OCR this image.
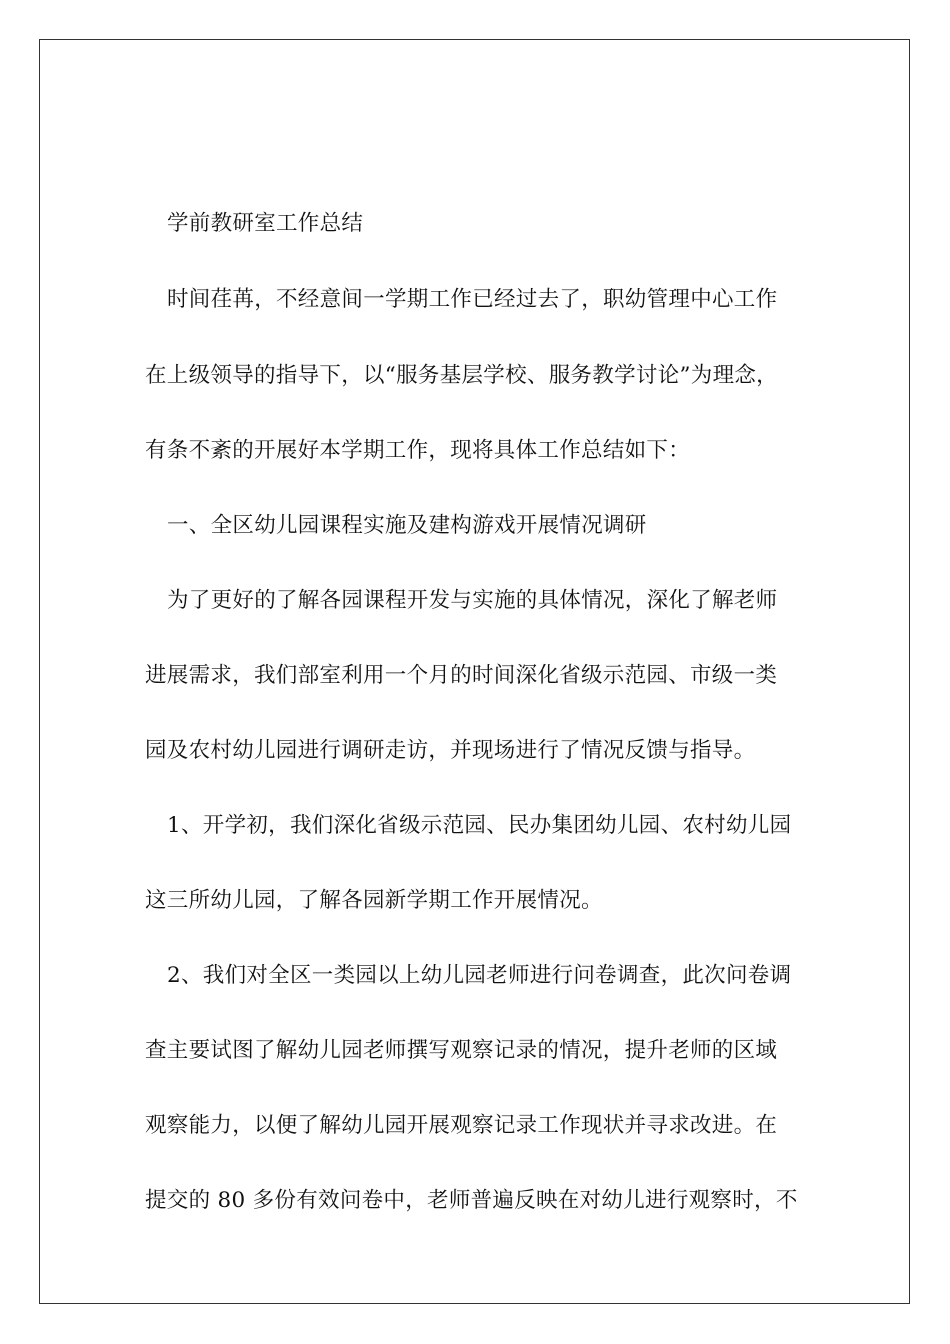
学前教研室工作总结
时间荏苒，不经意间一学期工作已经过去了，职幼管理中心工作
在上级领导的指导下，以“服务基层学校、服务教学讨论”为理念，
有条不紊的开展好本学期工作，现将具体工作总结如下：
一、全区幼儿园课程实施及建构游戏开展情况调研
为了更好的了解各园课程开发与实施的具体情况，深化了解老师
进展需求，我们部室利用一个月的时间深化省级示范园、市级一类
园及农村幼儿园进行调研走访，并现场进行了情况反馈与指导。
1、开学初，我们深化省级示范园、民办集团幼儿园、农村幼儿园
这三所幼儿园，了解各园新学期工作开展情况。
2、我们对全区一类园以上幼儿园老师进行问卷调查，此次问卷调
查主要试图了解幼儿园老师撰写观察记录的情况，提升老师的区域
观察能力，以便了解幼儿园开展观察记录工作现状并寻求改进。在
提交的 80 多份有效问卷中，老师普遍反映在对幼儿进行观察时，不
